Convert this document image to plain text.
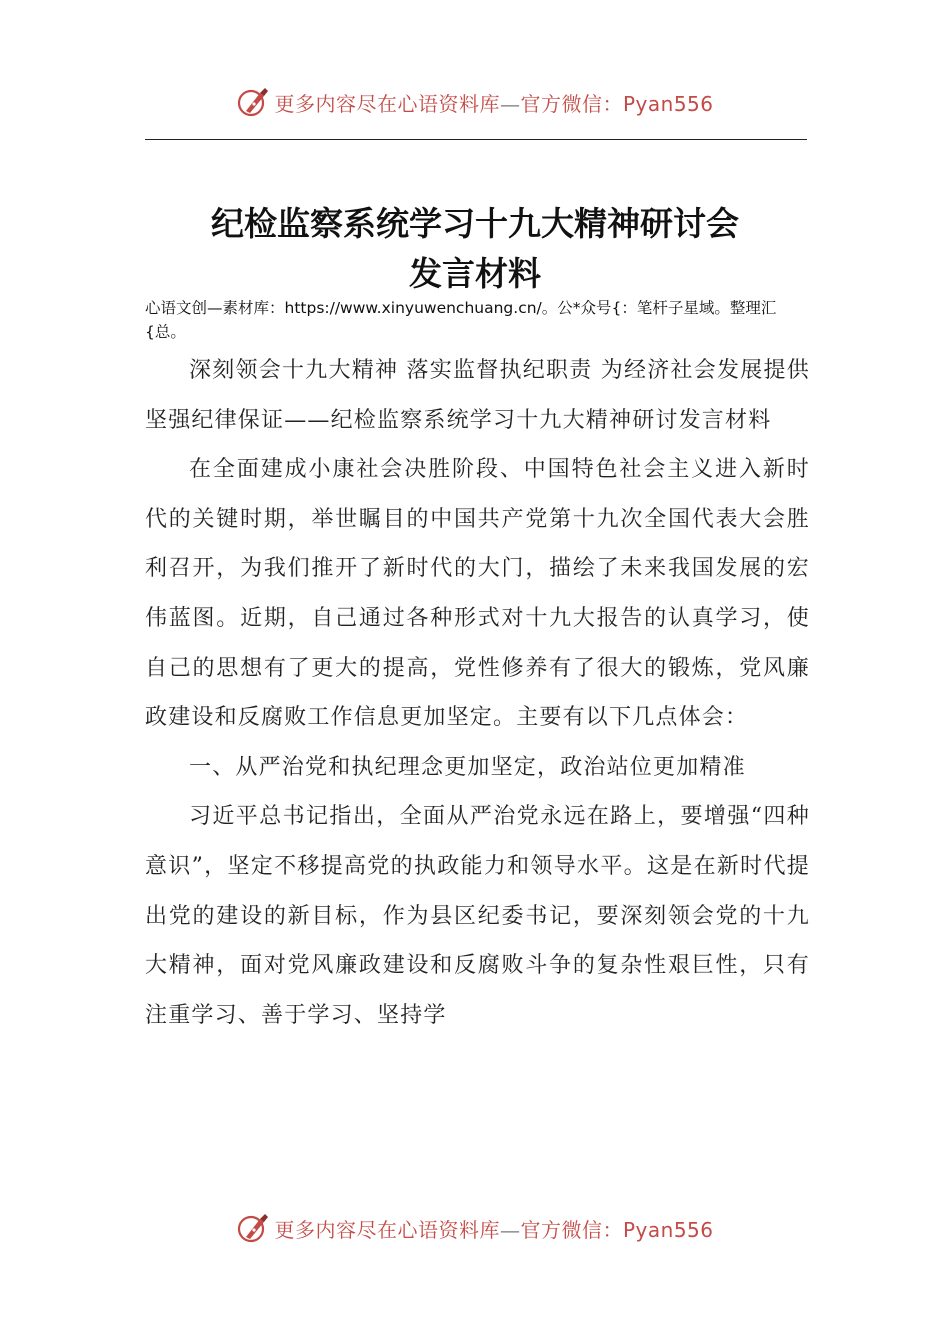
更多内容尽在心语资料库—官方微信：Pyan556
纪检监察系统学习十九大精神研讨会
发言材料

心语文创—素材库：https://www.xinyuwenchuang.cn/。公*众号{：笔杆子星域。整理汇{总。

深刻领会十九大精神 落实监督执纪职责 为经济社会发展提供坚强纪律保证——纪检监察系统学习十九大精神研讨发言材料

在全面建成小康社会决胜阶段、中国特色社会主义进入新时代的关键时期，举世瞩目的中国共产党第十九次全国代表大会胜利召开，为我们推开了新时代的大门，描绘了未来我国发展的宏伟蓝图。近期，自己通过各种形式对十九大报告的认真学习，使自己的思想有了更大的提高，党性修养有了很大的锻炼，党风廉政建设和反腐败工作信息更加坚定。主要有以下几点体会：

一、从严治党和执纪理念更加坚定，政治站位更加精准

习近平总书记指出，全面从严治党永远在路上，要增强“四种意识”，坚定不移提高党的执政能力和领导水平。这是在新时代提出党的建设的新目标，作为县区纪委书记，要深刻领会党的十九大精神，面对党风廉政建设和反腐败斗争的复杂性艰巨性，只有注重学习、善于学习、坚持学

更多内容尽在心语资料库—官方微信：Pyan556
